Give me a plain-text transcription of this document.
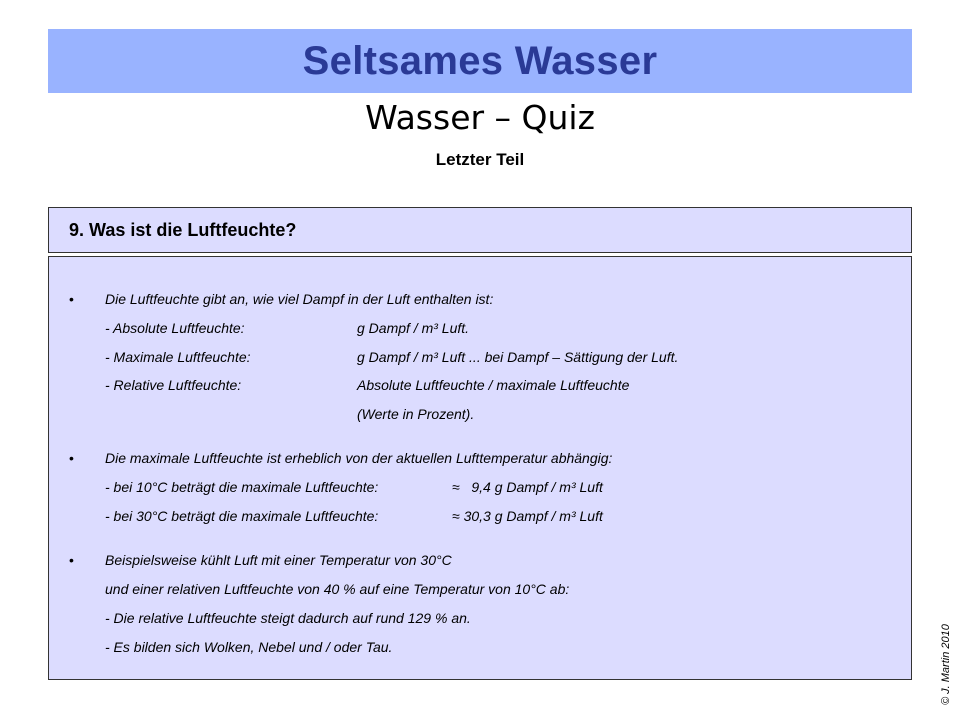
Seltsames Wasser
Wasser – Quiz
Letzter Teil
9. Was ist die Luftfeuchte?
• Die Luftfeuchte gibt an, wie viel Dampf in der Luft enthalten ist:
- Absolute Luftfeuchte:	g Dampf / m³ Luft.
- Maximale Luftfeuchte:	g Dampf / m³ Luft ... bei Dampf – Sättigung der Luft.
- Relative Luftfeuchte:	Absolute Luftfeuchte / maximale Luftfeuchte
(Werte in Prozent).
• Die maximale Luftfeuchte ist erheblich von der aktuellen Lufttemperatur abhängig:
- bei 10°C beträgt die maximale Luftfeuchte:	≈   9,4 g Dampf / m³ Luft
- bei 30°C beträgt die maximale Luftfeuchte:	≈ 30,3 g Dampf / m³ Luft
• Beispielsweise kühlt Luft mit einer Temperatur von 30°C
und einer relativen Luftfeuchte von 40 % auf eine Temperatur von 10°C ab:
- Die relative Luftfeuchte steigt dadurch auf rund 129 % an.
- Es bilden sich Wolken, Nebel und / oder Tau.	© J. Martin 2010
